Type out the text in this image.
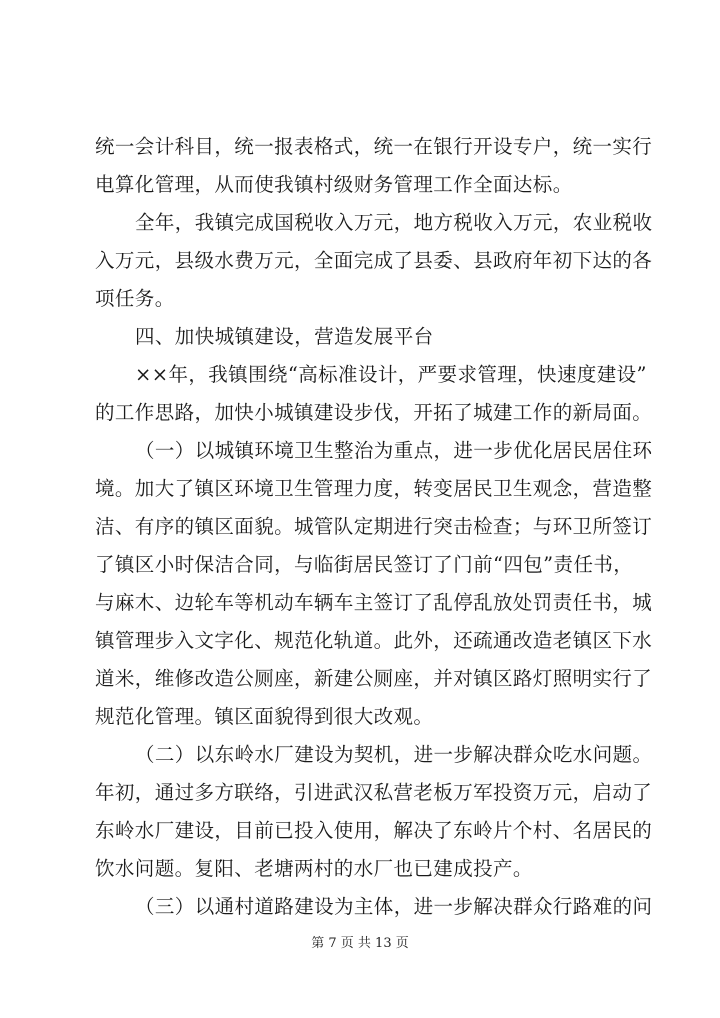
统一会计科目，统一报表格式，统一在银行开设专户，统一实行
电算化管理，从而使我镇村级财务管理工作全面达标。
全年，我镇完成国税收入万元，地方税收入万元，农业税收
入万元，县级水费万元，全面完成了县委、县政府年初下达的各
项任务。
四、加快城镇建设，营造发展平台
××年，我镇围绕“高标准设计，严要求管理，快速度建设”
的工作思路，加快小城镇建设步伐，开拓了城建工作的新局面。
（一）以城镇环境卫生整治为重点，进一步优化居民居住环
境。加大了镇区环境卫生管理力度，转变居民卫生观念，营造整
洁、有序的镇区面貌。城管队定期进行突击检查；与环卫所签订
了镇区小时保洁合同，与临街居民签订了门前“四包”责任书，
与麻木、边轮车等机动车辆车主签订了乱停乱放处罚责任书，城
镇管理步入文字化、规范化轨道。此外，还疏通改造老镇区下水
道米，维修改造公厕座，新建公厕座，并对镇区路灯照明实行了
规范化管理。镇区面貌得到很大改观。
（二）以东岭水厂建设为契机，进一步解决群众吃水问题。
年初，通过多方联络，引进武汉私营老板万军投资万元，启动了
东岭水厂建设，目前已投入使用，解决了东岭片个村、名居民的
饮水问题。复阳、老塘两村的水厂也已建成投产。
（三）以通村道路建设为主体，进一步解决群众行路难的问
第 7 页 共 13 页
